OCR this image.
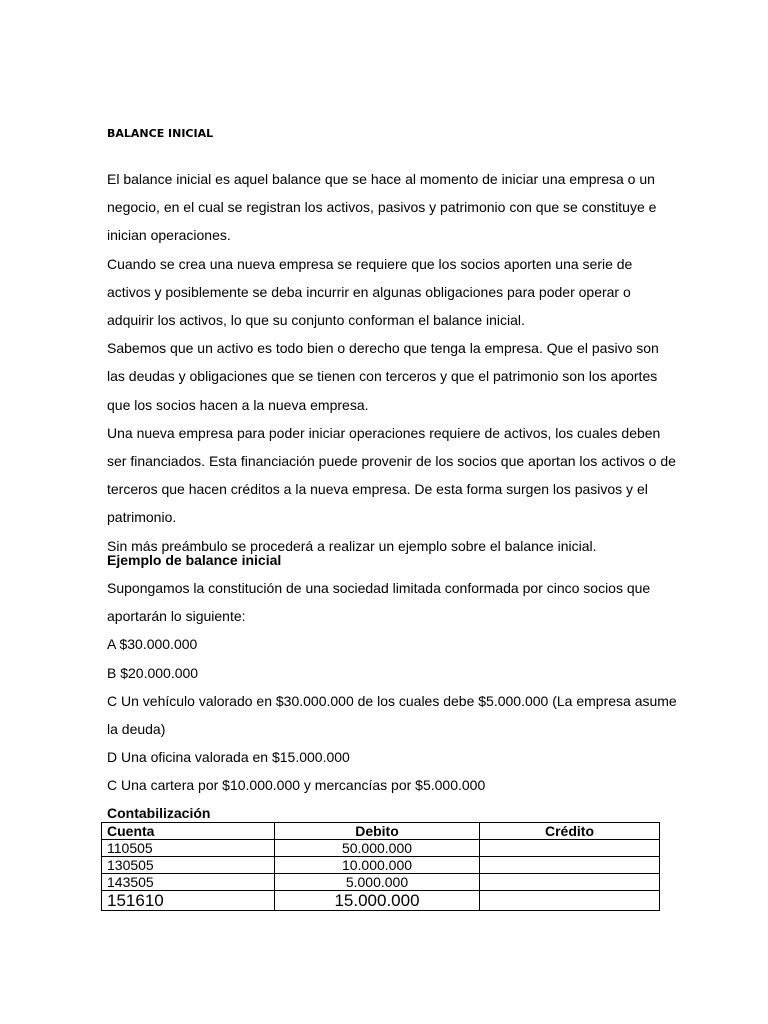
BALANCE INICIAL

El balance inicial es aquel balance que se hace al momento de iniciar una empresa o un negocio, en el cual se registran los activos, pasivos y patrimonio con que se constituye e inician operaciones.
Cuando se crea una nueva empresa se requiere que los socios aporten una serie de activos y posiblemente se deba incurrir en algunas obligaciones para poder operar o adquirir los activos, lo que su conjunto conforman el balance inicial.
Sabemos que un activo es todo bien o derecho que tenga la empresa. Que el pasivo son las deudas y obligaciones que se tienen con terceros y que el patrimonio son los aportes que los socios hacen a la nueva empresa.
Una nueva empresa para poder iniciar operaciones requiere de activos, los cuales deben ser financiados. Esta financiación puede provenir de los socios que aportan los activos o de terceros que hacen créditos a la nueva empresa. De esta forma surgen los pasivos y el patrimonio.
Sin más preámbulo se procederá a realizar un ejemplo sobre el balance inicial.

Ejemplo de balance inicial

Supongamos la constitución de una sociedad limitada conformada por cinco socios que aportarán lo siguiente:
A $30.000.000
B $20.000.000
C Un vehículo valorado en $30.000.000 de los cuales debe $5.000.000 (La empresa asume la deuda)
D Una oficina valorada en $15.000.000
C Una cartera por $10.000.000 y mercancías por $5.000.000

Contabilización

Cuenta	Debito	Crédito
110505	50.000.000	
130505	10.000.000	
143505	5.000.000	
151610	15.000.000	
